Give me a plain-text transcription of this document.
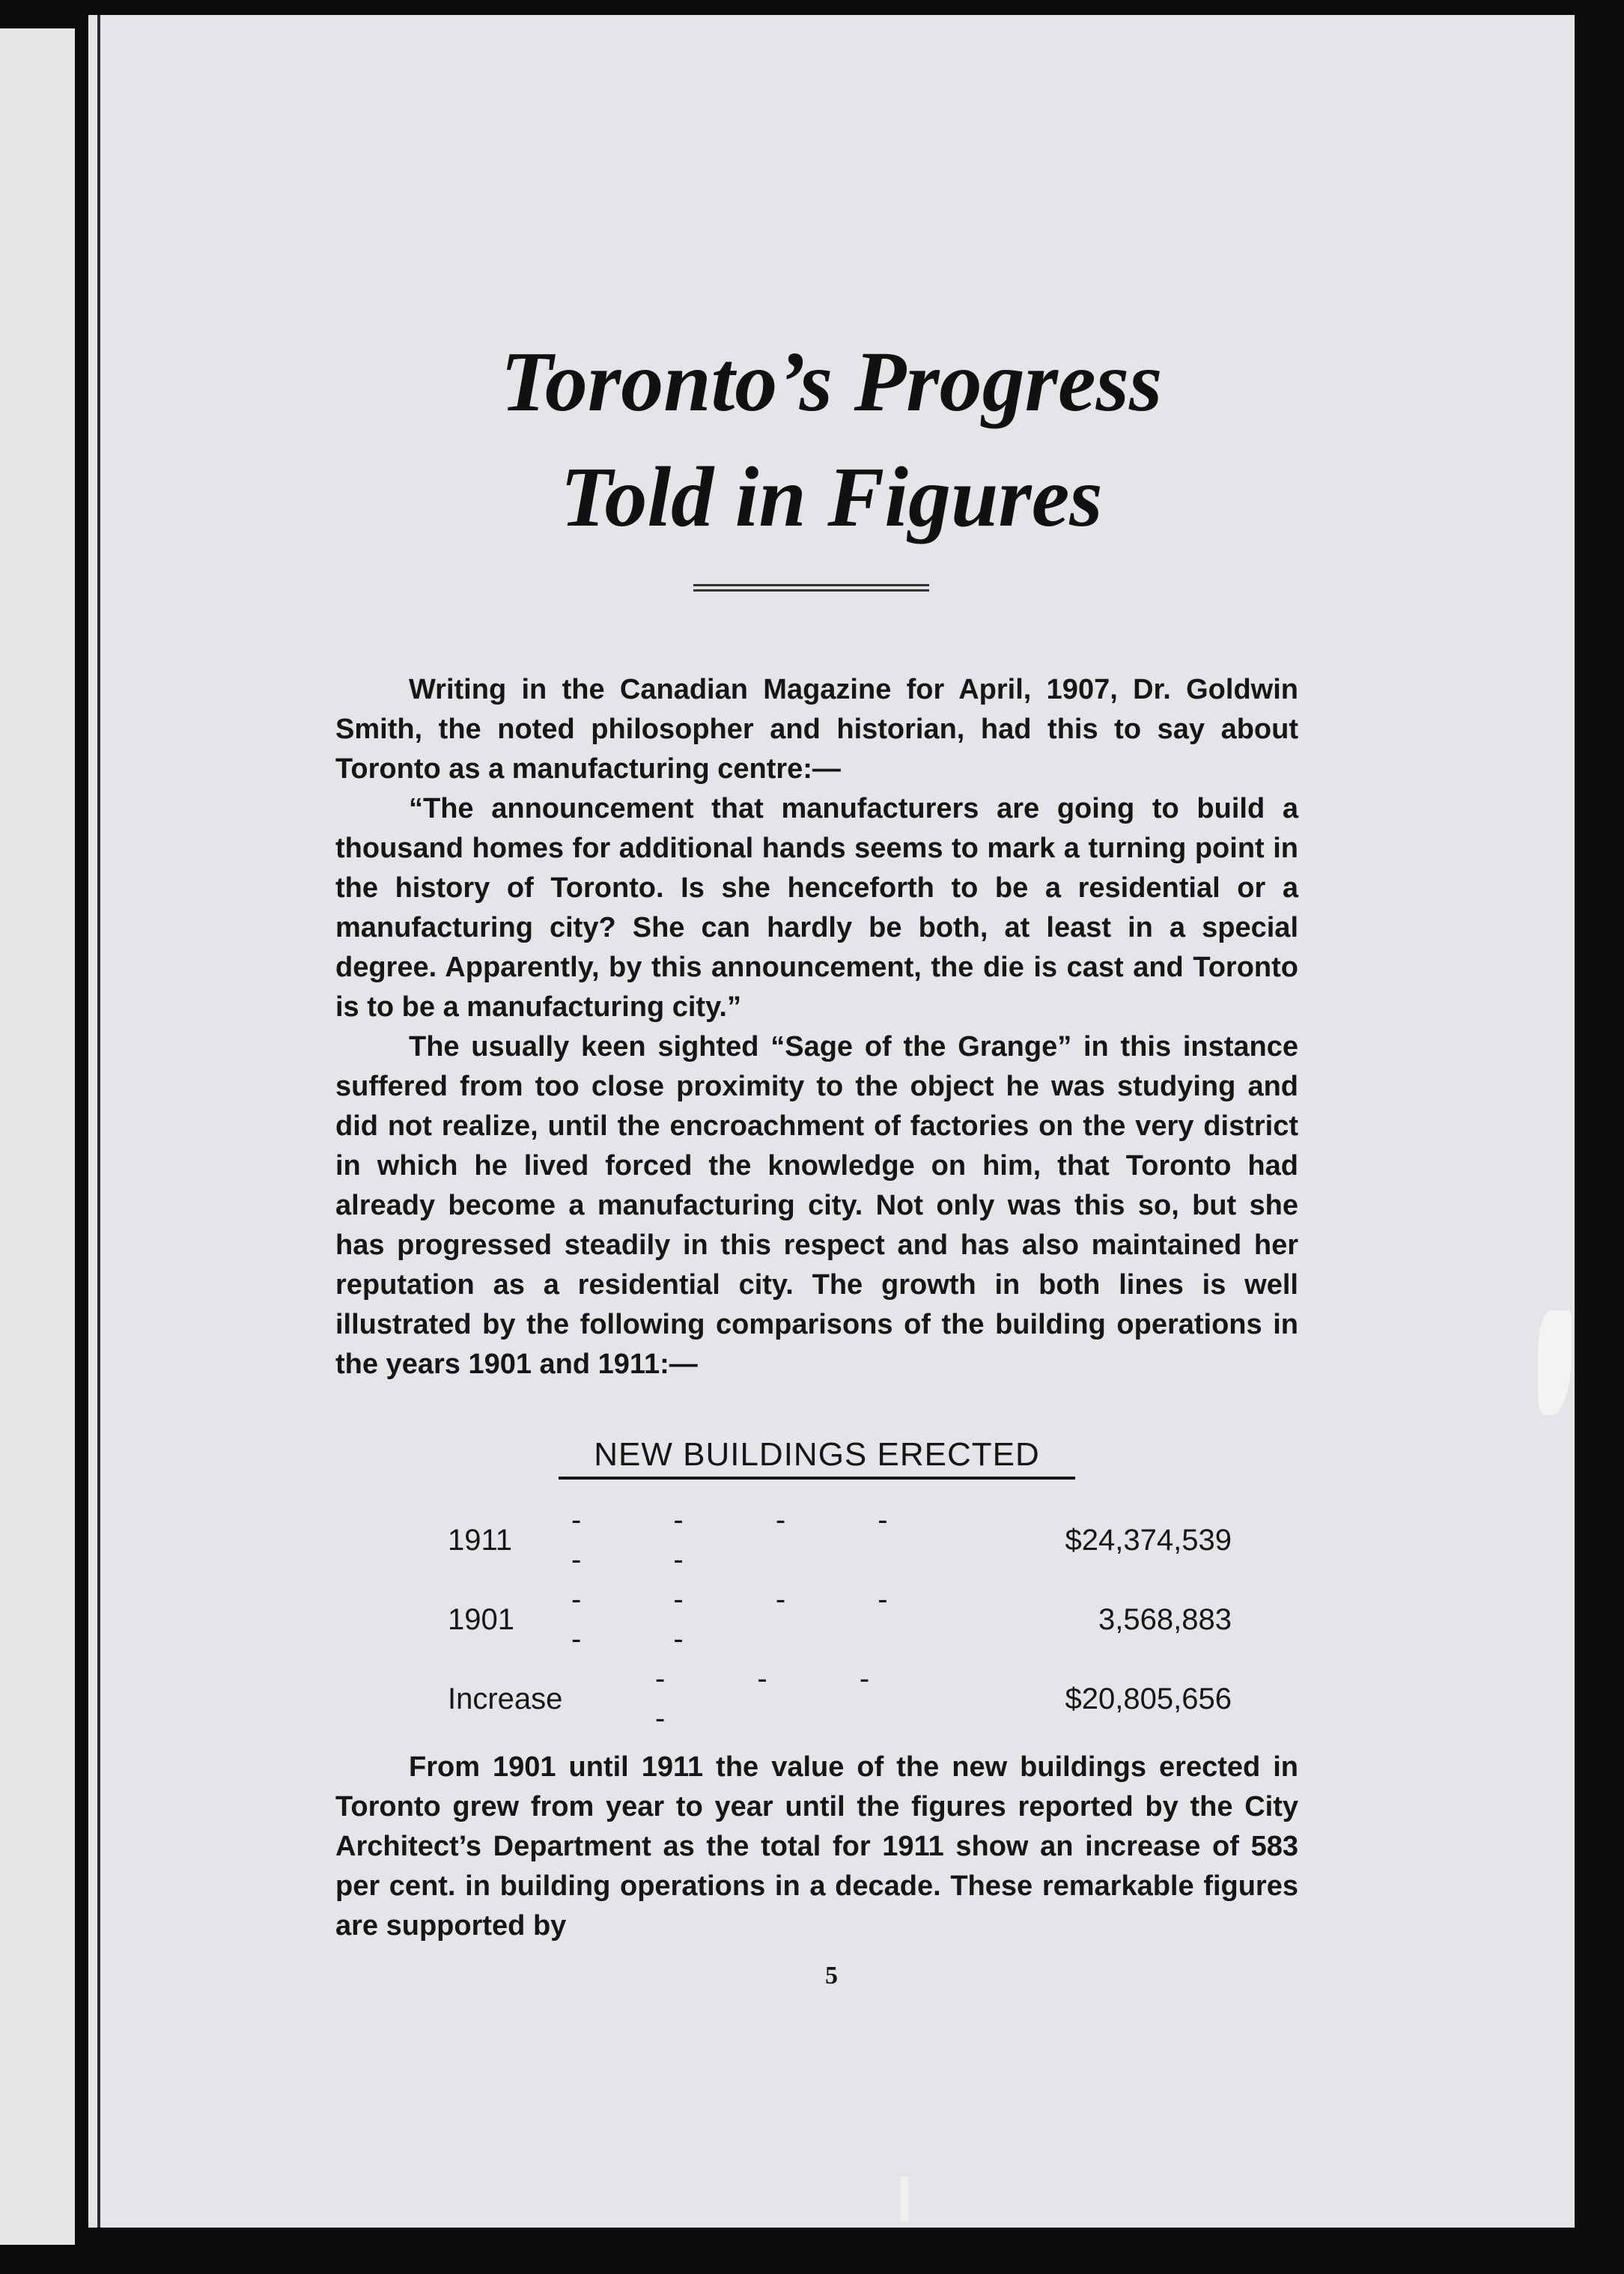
Toronto’s Progress
Told in Figures

Writing in the Canadian Magazine for April, 1907, Dr. Goldwin Smith, the noted philosopher and historian, had this to say about Toronto as a manufacturing centre:—

“The announcement that manufacturers are going to build a thousand homes for additional hands seems to mark a turning point in the history of Toronto. Is she henceforth to be a residential or a manufacturing city? She can hardly be both, at least in a special degree. Apparently, by this announcement, the die is cast and Toronto is to be a manufacturing city.”

The usually keen sighted “Sage of the Grange” in this instance suffered from too close proximity to the object he was studying and did not realize, until the encroachment of factories on the very district in which he lived forced the knowledge on him, that Toronto had already become a manufacturing city. Not only was this so, but she has progressed steadily in this respect and has also maintained her reputation as a residential city. The growth in both lines is well illustrated by the following comparisons of the building operations in the years 1901 and 1911:—

NEW BUILDINGS ERECTED
1911	- - - - - -	$24,374,539
1901	- - - - - -	3,568,883
Increase	- - - -	$20,805,656

From 1901 until 1911 the value of the new buildings erected in Toronto grew from year to year until the figures reported by the City Architect’s Department as the total for 1911 show an increase of 583 per cent. in building operations in a decade. These remarkable figures are supported by

5
